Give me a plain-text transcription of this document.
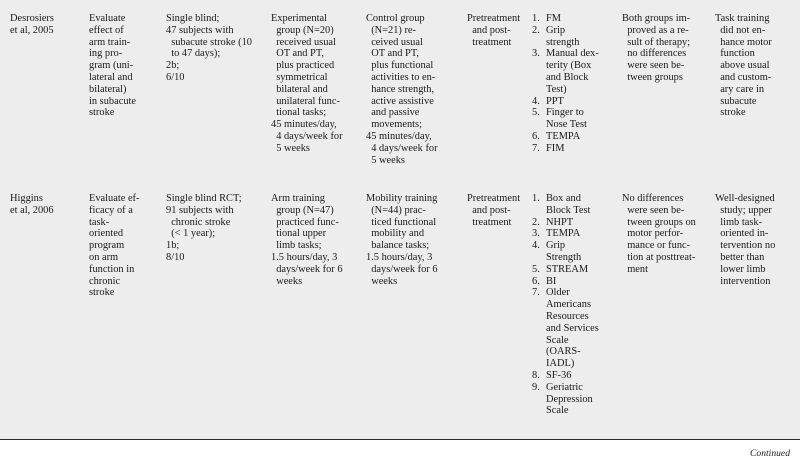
Desrosiers
et al, 2005
Evaluate
effect of
arm train-
ing pro-
gram (uni-
lateral and
bilateral)
in subacute
stroke
Single blind;
47 subjects with
subacute stroke (10
to 47 days);
2b;
6/10
Experimental
group (N=20)
received usual
OT and PT,
plus practiced
symmetrical
bilateral and
unilateral func-
tional tasks;
45 minutes/day,
4 days/week for
5 weeks
Control group
(N=21) re-
ceived usual
OT and PT,
plus functional
activities to en-
hance strength,
active assistive
and passive
movements;
45 minutes/day,
4 days/week for
5 weeks
Pretreatment
and post-
treatment
1. FM
2. Grip
strength
3. Manual dex-
terity (Box
and Block
Test)
4. PPT
5. Finger to
Nose Test
6. TEMPA
7. FIM
Both groups im-
proved as a re-
sult of therapy;
no differences
were seen be-
tween groups
Task training
did not en-
hance motor
function
above usual
and custom-
ary care in
subacute
stroke
Higgins
et al, 2006
Evaluate ef-
ficacy of a
task-
oriented
program
on arm
function in
chronic
stroke
Single blind RCT;
91 subjects with
chronic stroke
(< 1 year);
1b;
8/10
Arm training
group (N=47)
practiced func-
tional upper
limb tasks;
1.5 hours/day, 3
days/week for 6
weeks
Mobility training
(N=44) prac-
ticed functional
mobility and
balance tasks;
1.5 hours/day, 3
days/week for 6
weeks
Pretreatment
and post-
treatment
1. Box and
Block Test
2. NHPT
3. TEMPA
4. Grip
Strength
5. STREAM
6. BI
7. Older
Americans
Resources
and Services
Scale
(OARS-
IADL)
8. SF-36
9. Geriatric
Depression
Scale
No differences
were seen be-
tween groups on
motor perfor-
mance or func-
tion at posttreat-
ment
Well-designed
study; upper
limb task-
oriented in-
tervention no
better than
lower limb
intervention
Continued
